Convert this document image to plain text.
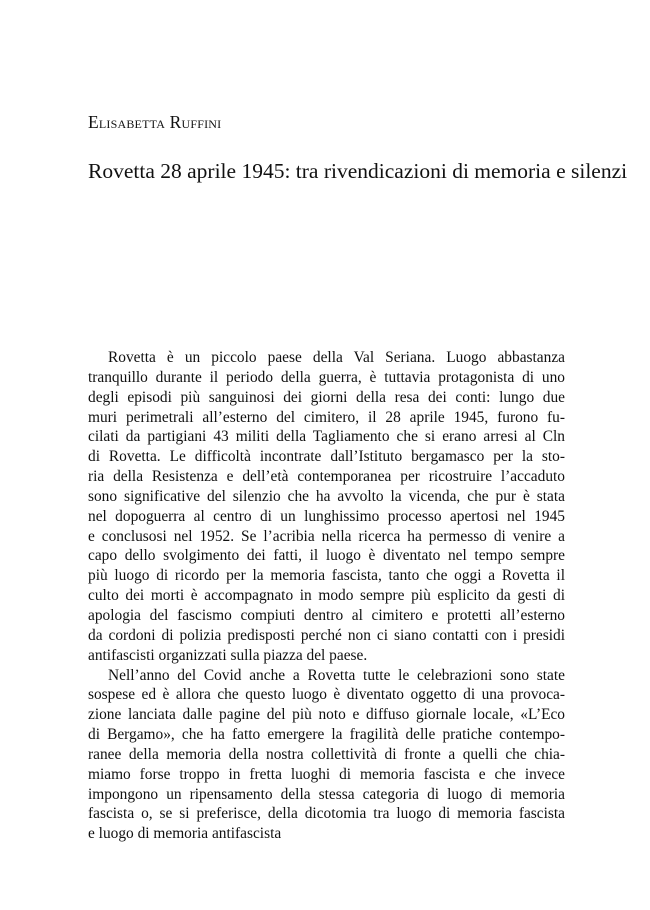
Elisabetta Ruffini
Rovetta 28 aprile 1945: tra rivendicazioni di memoria e silenzi
Rovetta è un piccolo paese della Val Seriana. Luogo abbastanza
tranquillo durante il periodo della guerra, è tuttavia protagonista di uno
degli episodi più sanguinosi dei giorni della resa dei conti: lungo due
muri perimetrali all’esterno del cimitero, il 28 aprile 1945, furono fu-
cilati da partigiani 43 militi della Tagliamento che si erano arresi al Cln
di Rovetta. Le difficoltà incontrate dall’Istituto bergamasco per la sto-
ria della Resistenza e dell’età contemporanea per ricostruire l’accaduto
sono significative del silenzio che ha avvolto la vicenda, che pur è stata
nel dopoguerra al centro di un lunghissimo processo apertosi nel 1945
e conclusosi nel 1952. Se l’acribia nella ricerca ha permesso di venire a
capo dello svolgimento dei fatti, il luogo è diventato nel tempo sempre
più luogo di ricordo per la memoria fascista, tanto che oggi a Rovetta il
culto dei morti è accompagnato in modo sempre più esplicito da gesti di
apologia del fascismo compiuti dentro al cimitero e protetti all’esterno
da cordoni di polizia predisposti perché non ci siano contatti con i presidi
antifascisti organizzati sulla piazza del paese.
Nell’anno del Covid anche a Rovetta tutte le celebrazioni sono state
sospese ed è allora che questo luogo è diventato oggetto di una provoca-
zione lanciata dalle pagine del più noto e diffuso giornale locale, «L’Eco
di Bergamo», che ha fatto emergere la fragilità delle pratiche contempo-
ranee della memoria della nostra collettività di fronte a quelli che chia-
miamo forse troppo in fretta luoghi di memoria fascista e che invece
impongono un ripensamento della stessa categoria di luogo di memoria
fascista o, se si preferisce, della dicotomia tra luogo di memoria fascista
e luogo di memoria antifascista
